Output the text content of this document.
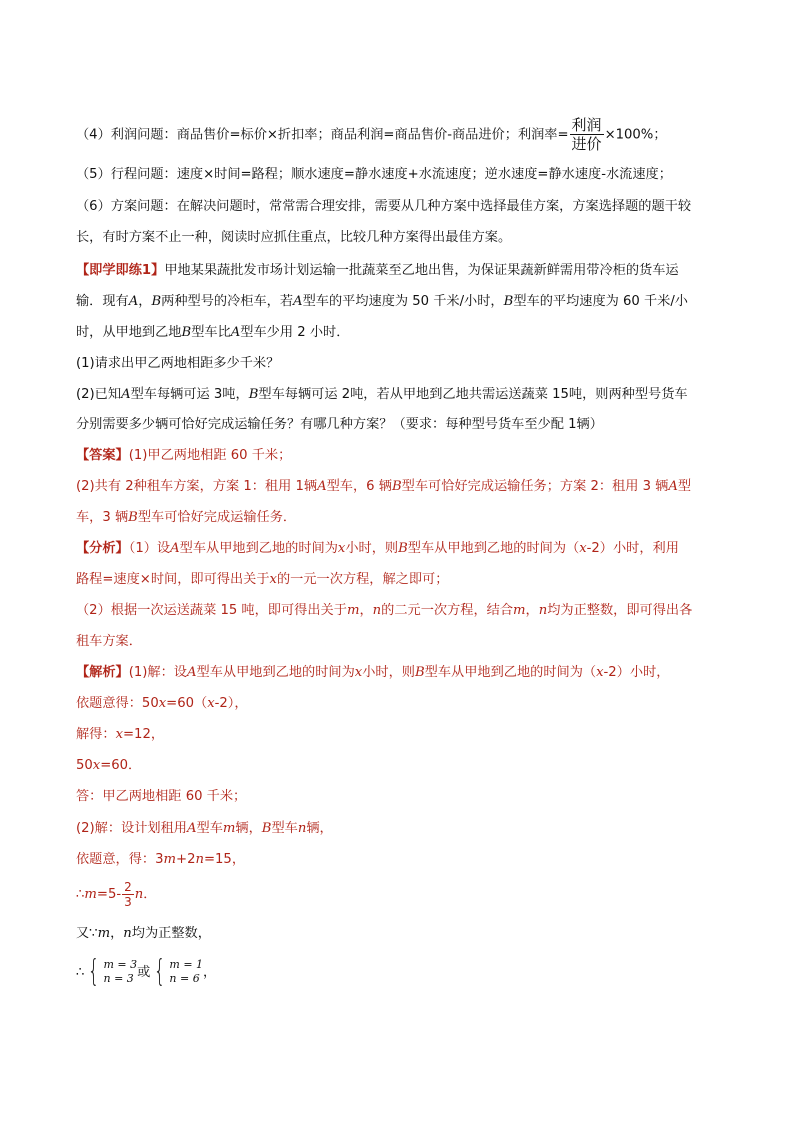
（4）利润问题：商品售价=标价×折扣率；商品利润=商品售价-商品进价；利润率= $\frac{\text{利润}}{\text{进价}} \times 100\%$；
（5）行程问题：速度×时间=路程；顺水速度=静水速度+水流速度；逆水速度=静水速度-水流速度；
（6）方案问题：在解决问题时，常常需合理安排，需要从几种方案中选择最佳方案，方案选择题的题干较
长，有时方案不止一种，阅读时应抓住重点，比较几种方案得出最佳方案。
【即学即练1】甲地某果蔬批发市场计划运输一批蔬菜至乙地出售，为保证果蔬新鲜需用带冷柜的货车运
输．现有A，B两种型号的冷柜车，若A型车的平均速度为 50 千米/小时，B型车的平均速度为 60 千米/小
时，从甲地到乙地B型车比A型车少用 2 小时．
(1)请求出甲乙两地相距多少千米？
(2)已知A型车每辆可运 3吨，B型车每辆可运 2吨，若从甲地到乙地共需运送蔬菜 15吨，则两种型号货车
分别需要多少辆可恰好完成运输任务？有哪几种方案？（要求：每种型号货车至少配 1辆）
【答案】(1)甲乙两地相距 60 千米；
(2)共有 2种租车方案，方案 1：租用 1辆A型车，6 辆B型车可恰好完成运输任务；方案 2：租用 3 辆A型
车，3 辆B型车可恰好完成运输任务．
【分析】（1）设A型车从甲地到乙地的时间为x小时，则B型车从甲地到乙地的时间为（x-2）小时，利用
路程=速度×时间，即可得出关于x的一元一次方程，解之即可；
（2）根据一次运送蔬菜 15 吨，即可得出关于m，n的二元一次方程，结合m，n均为正整数，即可得出各
租车方案．
【解析】(1)解：设A型车从甲地到乙地的时间为x小时，则B型车从甲地到乙地的时间为（x-2）小时，
依题意得：50x=60（x-2），
解得：x=12，
50x=60．
答：甲乙两地相距 60 千米；
(2)解：设计划租用A型车m辆，B型车n辆，
依题意，得：3m+2n=15，
∴m=5- $\frac{2}{3}$ n．
又∵m，n均为正整数，
∴ { m = 3
n = 3 或 { m = 1
n = 6 ，
